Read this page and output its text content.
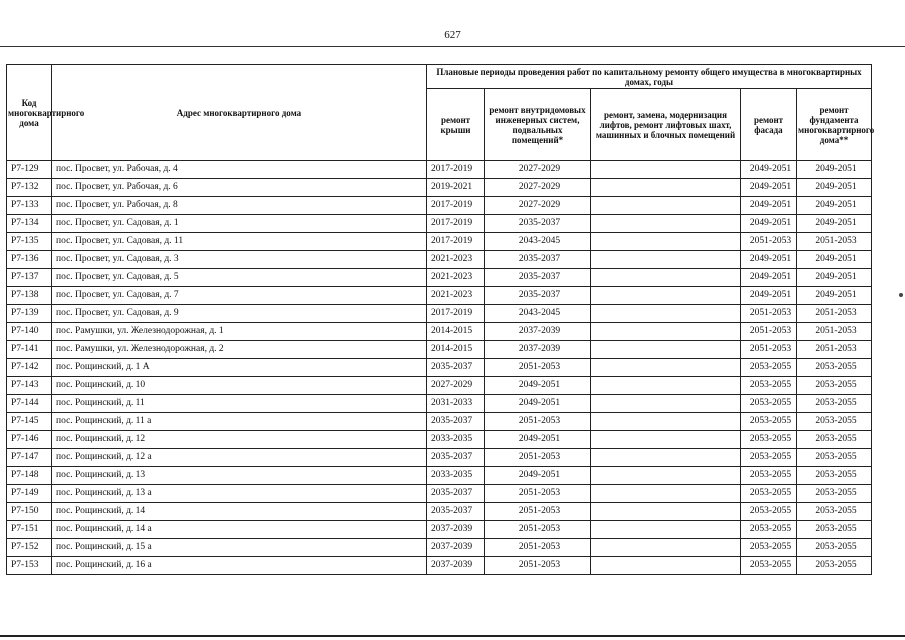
627
Код многоквартирного дома	Адрес многоквартирного дома	Плановые периоды проведения работ по капитальному ремонту общего имущества в многоквартирных домах, годы				
		ремонт крыши	ремонт внутридомовых инженерных систем, подвальных помещений*	ремонт, замена, модернизация лифтов, ремонт лифтовых шахт, машинных и блочных помещений	ремонт фасада	ремонт фундамента многоквартирного дома**
Р7-129	пос. Просвет, ул. Рабочая, д. 4	2017-2019	2027-2029		2049-2051	2049-2051
Р7-132	пос. Просвет, ул. Рабочая, д. 6	2019-2021	2027-2029		2049-2051	2049-2051
Р7-133	пос. Просвет, ул. Рабочая, д. 8	2017-2019	2027-2029		2049-2051	2049-2051
Р7-134	пос. Просвет, ул. Садовая, д. 1	2017-2019	2035-2037		2049-2051	2049-2051
Р7-135	пос. Просвет, ул. Садовая, д. 11	2017-2019	2043-2045		2051-2053	2051-2053
Р7-136	пос. Просвет, ул. Садовая, д. 3	2021-2023	2035-2037		2049-2051	2049-2051
Р7-137	пос. Просвет, ул. Садовая, д. 5	2021-2023	2035-2037		2049-2051	2049-2051
Р7-138	пос. Просвет, ул. Садовая, д. 7	2021-2023	2035-2037		2049-2051	2049-2051
Р7-139	пос. Просвет, ул. Садовая, д. 9	2017-2019	2043-2045		2051-2053	2051-2053
Р7-140	пос. Рамушки, ул. Железнодорожная, д. 1	2014-2015	2037-2039		2051-2053	2051-2053
Р7-141	пос. Рамушки, ул. Железнодорожная, д. 2	2014-2015	2037-2039		2051-2053	2051-2053
Р7-142	пос. Рощинский, д. 1 А	2035-2037	2051-2053		2053-2055	2053-2055
Р7-143	пос. Рощинский, д. 10	2027-2029	2049-2051		2053-2055	2053-2055
Р7-144	пос. Рощинский, д. 11	2031-2033	2049-2051		2053-2055	2053-2055
Р7-145	пос. Рощинский, д. 11 а	2035-2037	2051-2053		2053-2055	2053-2055
Р7-146	пос. Рощинский, д. 12	2033-2035	2049-2051		2053-2055	2053-2055
Р7-147	пос. Рощинский, д. 12 а	2035-2037	2051-2053		2053-2055	2053-2055
Р7-148	пос. Рощинский, д. 13	2033-2035	2049-2051		2053-2055	2053-2055
Р7-149	пос. Рощинский, д. 13 а	2035-2037	2051-2053		2053-2055	2053-2055
Р7-150	пос. Рощинский, д. 14	2035-2037	2051-2053		2053-2055	2053-2055
Р7-151	пос. Рощинский, д. 14 а	2037-2039	2051-2053		2053-2055	2053-2055
Р7-152	пос. Рощинский, д. 15 а	2037-2039	2051-2053		2053-2055	2053-2055
Р7-153	пос. Рощинский, д. 16 а	2037-2039	2051-2053		2053-2055	2053-2055
